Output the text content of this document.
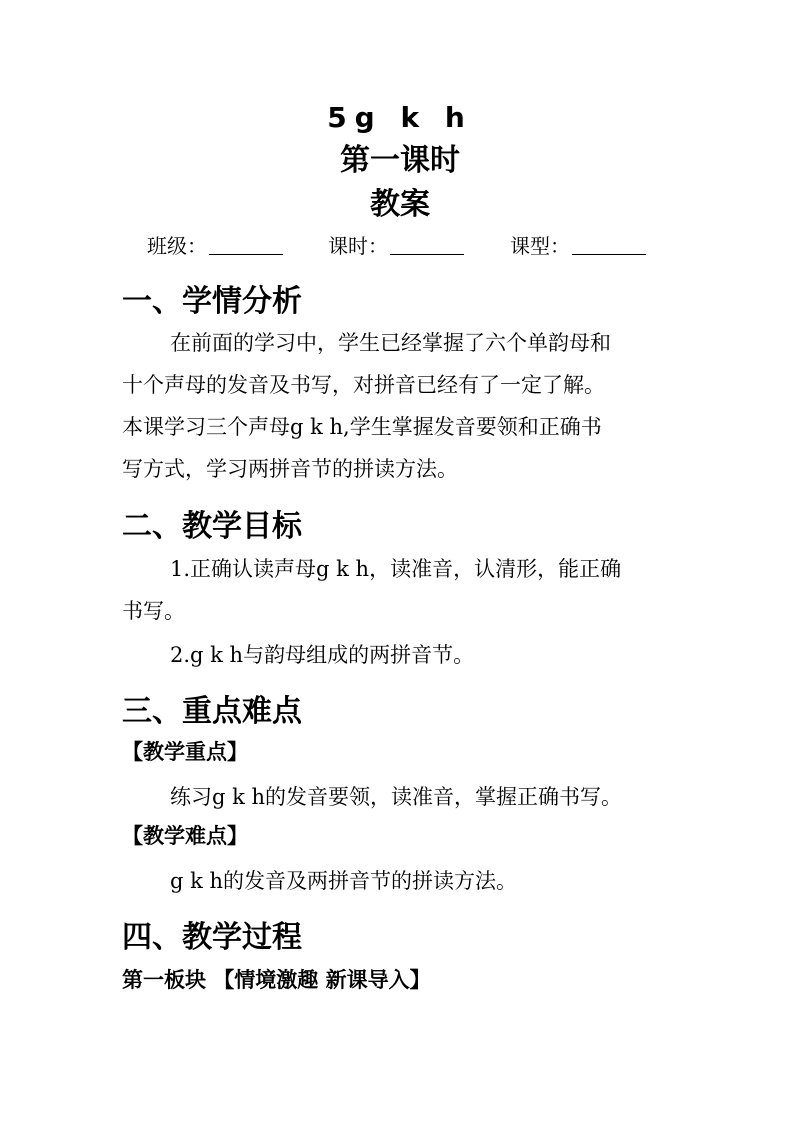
5g k h
第一课时
教案
班级：	课时：	课型：
一、学情分析
在前面的学习中，学生已经掌握了六个单韵母和
十个声母的发音及书写，对拼音已经有了一定了解。
本课学习三个声母g k h,学生掌握发音要领和正确书
写方式，学习两拼音节的拼读方法。
二、教学目标
1.正确认读声母g k h，读准音，认清形，能正确
书写。
2.g k h与韵母组成的两拼音节。
三、重点难点
【教学重点】
练习g k h的发音要领，读准音，掌握正确书写。
【教学难点】
g k h的发音及两拼音节的拼读方法。
四、教学过程
第一板块 【情境激趣 新课导入】
